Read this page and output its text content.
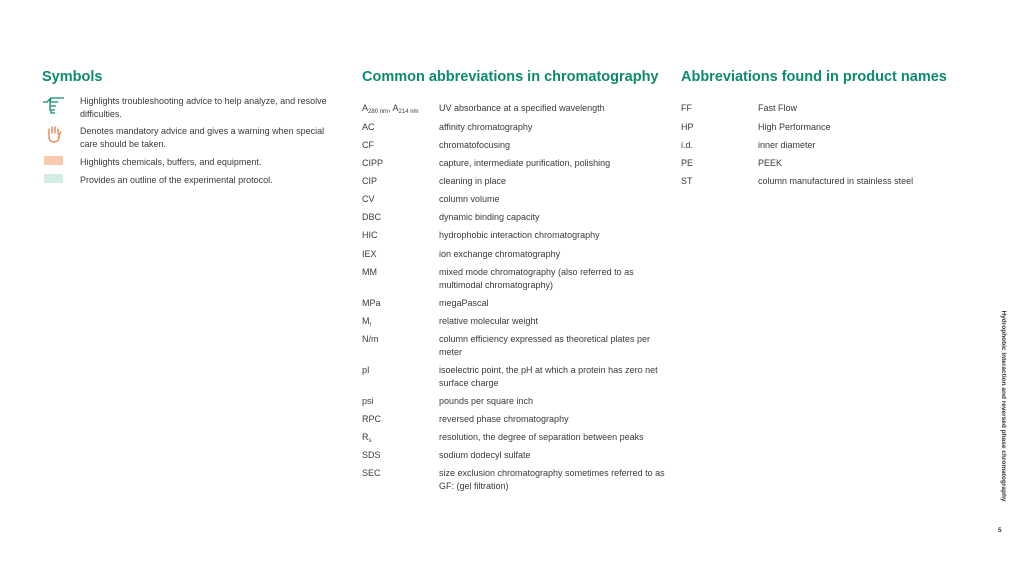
Symbols	Common abbreviations in chromatography Abbreviations found in product names
Highlights troubleshooting advice to help analyze, and resolve difficulties.
Denotes mandatory advice and gives a warning when special care should be taken.
Highlights chemicals, buffers, and equipment.
Provides an outline of the experimental protocol.
$A_{280 nm}$, $A_{214 nm}$ UV absorbance at a specified wavelength
AC	affinity chromatography
CF	chromatofocusing
CIPP	capture, intermediate purification, polishing
CIP	cleaning in place
CV	column volume
DBC	dynamic binding capacity
HIC	hydrophobic interaction chromatography
IEX	ion exchange chromatography
MM	mixed mode chromatography (also referred to as multimodal chromatography)
MPa	megaPascal
$M_r$	relative molecular weight
N/m	column efficiency expressed as theoretical plates per meter
pI	isoelectric point, the pH at which a protein has zero net surface charge
psi	pounds per square inch
RPC	reversed phase chromatography
$R_s$	resolution, the degree of separation between peaks
SDS	sodium dodecyl sulfate
SEC	size exclusion chromatography sometimes referred to as GF: (gel filtration)
FF	Fast Flow
HP	High Performance
i.d.	inner diameter
PE	PEEK
ST	column manufactured in stainless steel
Hydrophobic interaction and reversed phase chromatography
5
